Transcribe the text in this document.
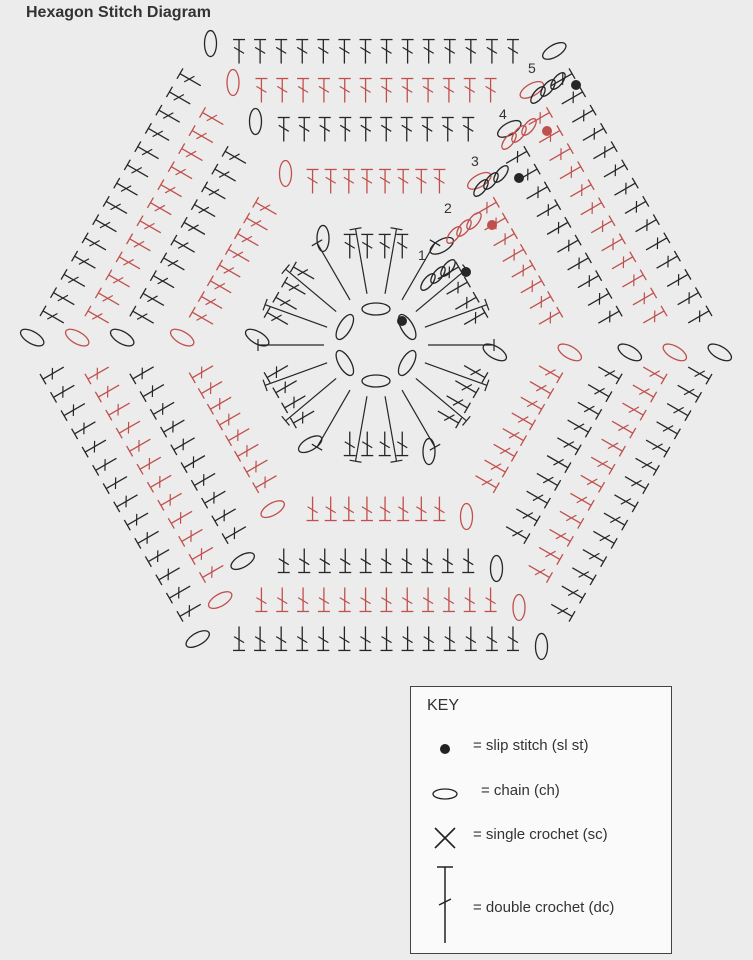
Hexagon Stitch Diagram
1
2
3
4
5
KEY
= slip stitch (sl st)
= chain (ch)
= single crochet (sc)
= double crochet (dc)
